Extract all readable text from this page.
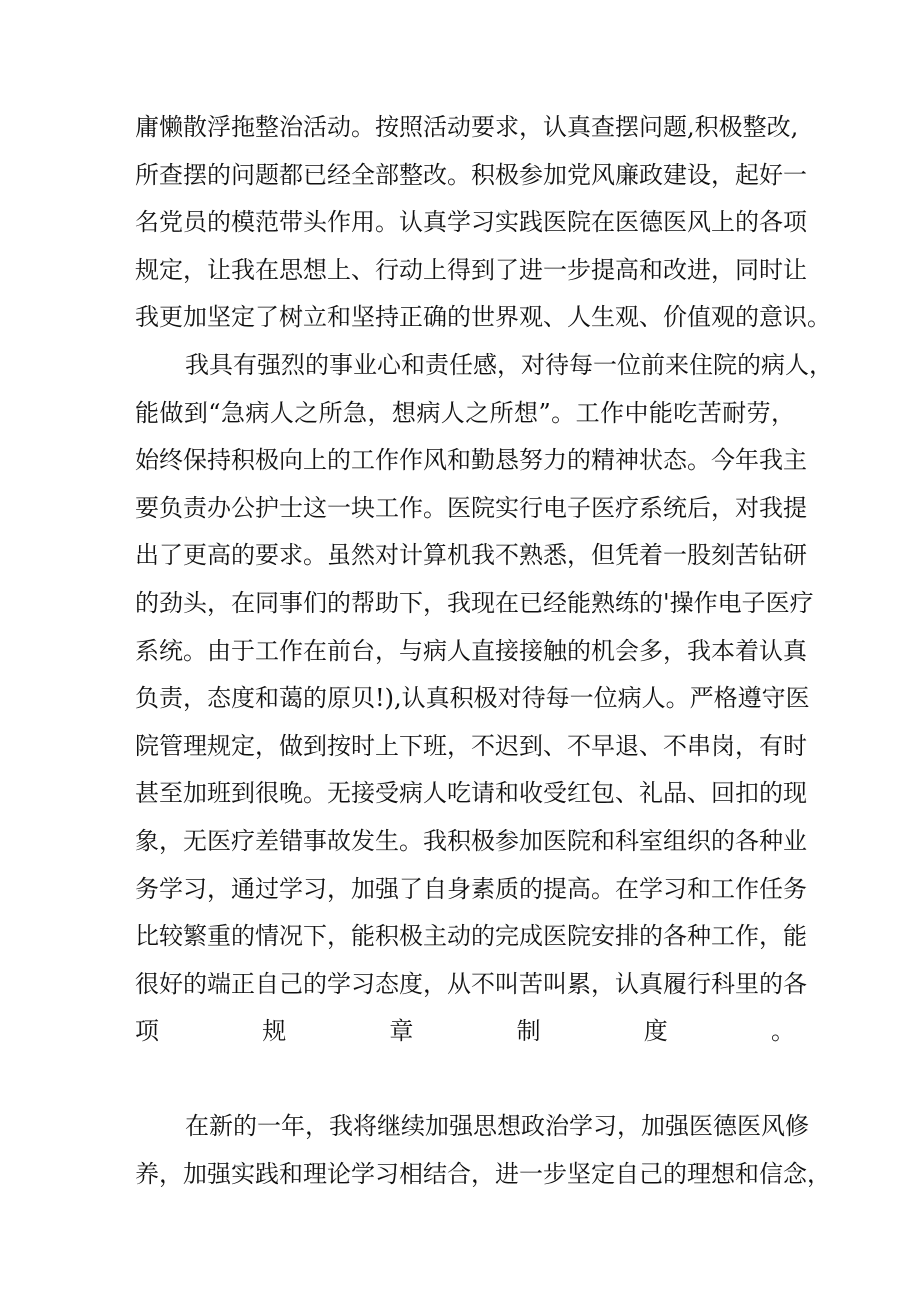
庸懒散浮拖整治活动。按照活动要求，认真查摆问题,积极整改,
所查摆的问题都已经全部整改。积极参加党风廉政建设，起好一
名党员的模范带头作用。认真学习实践医院在医德医风上的各项
规定，让我在思想上、行动上得到了进一步提高和改进，同时让
我更加坚定了树立和坚持正确的世界观、人生观、价值观的意识。
我具有强烈的事业心和责任感，对待每一位前来住院的病人，
能做到“急病人之所急，想病人之所想”。工作中能吃苦耐劳，
始终保持积极向上的工作作风和勤恳努力的精神状态。今年我主
要负责办公护士这一块工作。医院实行电子医疗系统后，对我提
出了更高的要求。虽然对计算机我不熟悉，但凭着一股刻苦钻研
的劲头，在同事们的帮助下，我现在已经能熟练的'操作电子医疗
系统。由于工作在前台，与病人直接接触的机会多，我本着认真
负责，态度和蔼的原贝!),认真积极对待每一位病人。严格遵守医
院管理规定，做到按时上下班，不迟到、不早退、不串岗，有时
甚至加班到很晚。无接受病人吃请和收受红包、礼品、回扣的现
象，无医疗差错事故发生。我积极参加医院和科室组织的各种业
务学习，通过学习，加强了自身素质的提高。在学习和工作任务
比较繁重的情况下，能积极主动的完成医院安排的各种工作，能
很好的端正自己的学习态度，从不叫苦叫累，认真履行科里的各
项规章制度。
在新的一年，我将继续加强思想政治学习，加强医德医风修
养，加强实践和理论学习相结合，进一步坚定自己的理想和信念，
